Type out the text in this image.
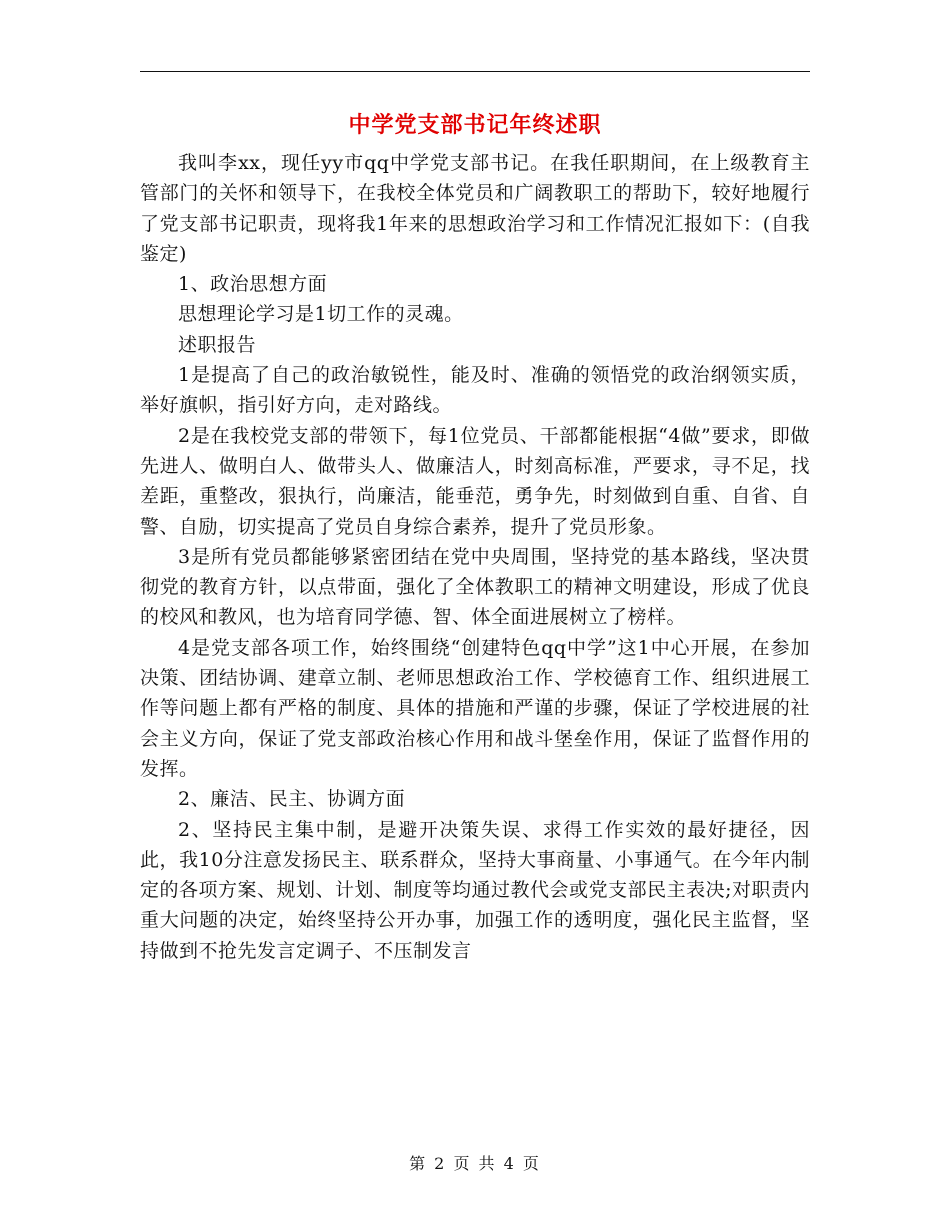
中学党支部书记年终述职

我叫李xx，现任yy市qq中学党支部书记。在我任职期间，在上级教育主管部门的关怀和领导下，在我校全体党员和广阔教职工的帮助下，较好地履行了党支部书记职责，现将我1年来的思想政治学习和工作情况汇报如下：(自我鉴定)

1、政治思想方面

思想理论学习是1切工作的灵魂。

述职报告

1是提高了自己的政治敏锐性，能及时、准确的领悟党的政治纲领实质，举好旗帜，指引好方向，走对路线。

2是在我校党支部的带领下，每1位党员、干部都能根据“4做”要求，即做先进人、做明白人、做带头人、做廉洁人，时刻高标准，严要求，寻不足，找差距，重整改，狠执行，尚廉洁，能垂范，勇争先，时刻做到自重、自省、自警、自励，切实提高了党员自身综合素养，提升了党员形象。

3是所有党员都能够紧密团结在党中央周围，坚持党的基本路线，坚决贯彻党的教育方针，以点带面，强化了全体教职工的精神文明建设，形成了优良的校风和教风，也为培育同学德、智、体全面进展树立了榜样。

4是党支部各项工作，始终围绕“创建特色qq中学”这1中心开展，在参加决策、团结协调、建章立制、老师思想政治工作、学校德育工作、组织进展工作等问题上都有严格的制度、具体的措施和严谨的步骤，保证了学校进展的社会主义方向，保证了党支部政治核心作用和战斗堡垒作用，保证了监督作用的发挥。

2、廉洁、民主、协调方面

2、坚持民主集中制，是避开决策失误、求得工作实效的最好捷径，因此，我10分注意发扬民主、联系群众，坚持大事商量、小事通气。在今年内制定的各项方案、规划、计划、制度等均通过教代会或党支部民主表决;对职责内重大问题的决定，始终坚持公开办事，加强工作的透明度，强化民主监督，坚持做到不抢先发言定调子、不压制发言

第 2 页 共 4 页
